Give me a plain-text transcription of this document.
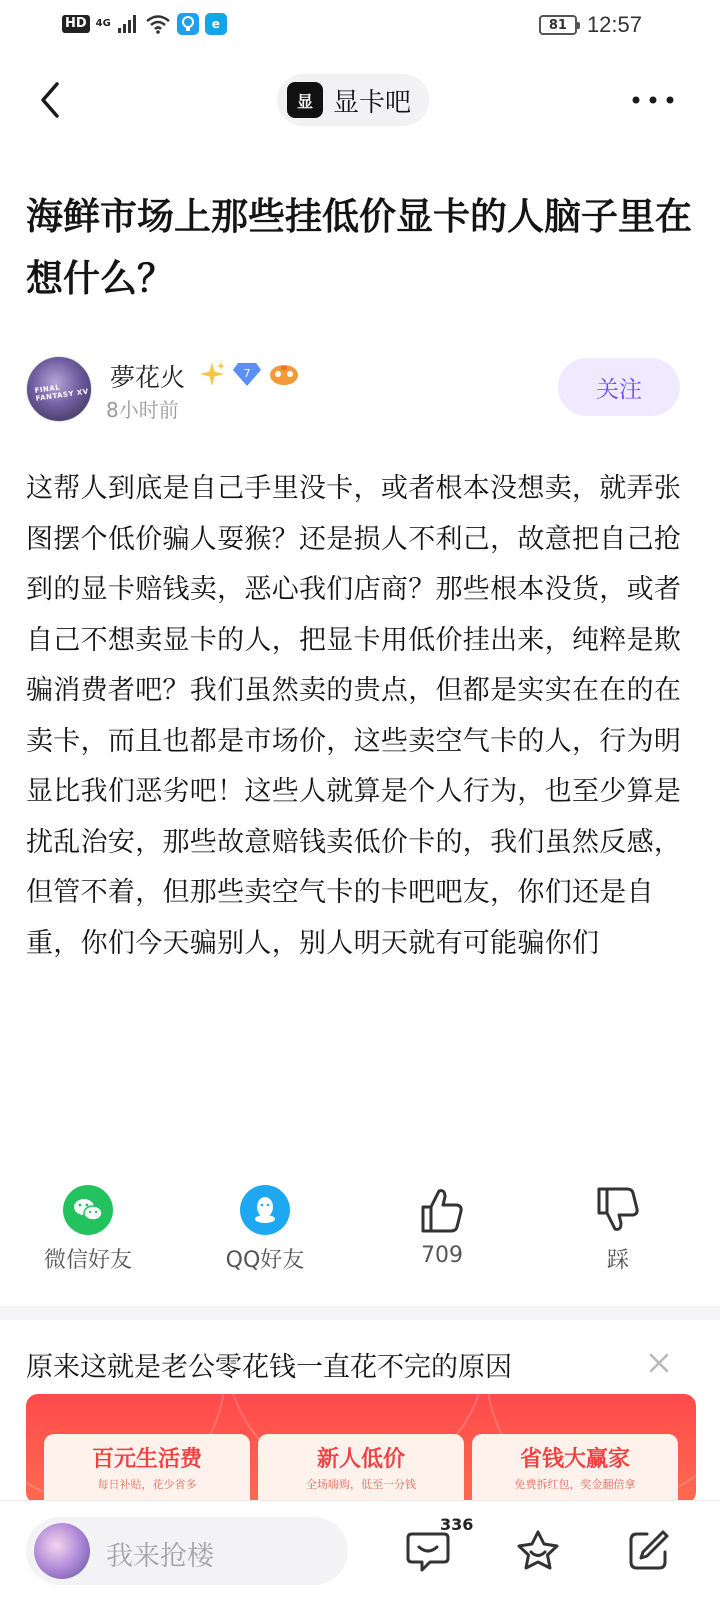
HD 4G	e	81 12:57
显 显卡吧
海鲜市场上那些挂低价显卡的人脑子里在想什么？
FINAL FANTASY XV
夢花火	7
8小时前
关注
这帮人到底是自己手里没卡，或者根本没想卖，就弄张图摆个低价骗人耍猴？还是损人不利己，故意把自己抢到的显卡赔钱卖，恶心我们店商？那些根本没货，或者自己不想卖显卡的人，把显卡用低价挂出来，纯粹是欺骗消费者吧？我们虽然卖的贵点，但都是实实在在的在卖卡，而且也都是市场价，这些卖空气卡的人，行为明显比我们恶劣吧！这些人就算是个人行为，也至少算是扰乱治安，那些故意赔钱卖低价卡的，我们虽然反感，但管不着，但那些卖空气卡的卡吧吧友，你们还是自重，你们今天骗别人，别人明天就有可能骗你们
微信好友	QQ好友	709	踩
原来这就是老公零花钱一直花不完的原因
百元生活费
每日补贴，花少省多
新人低价
全场嗨购，低至一分钱
省钱大赢家
免费拆红包，奖金翻倍拿
我来抢楼
336
